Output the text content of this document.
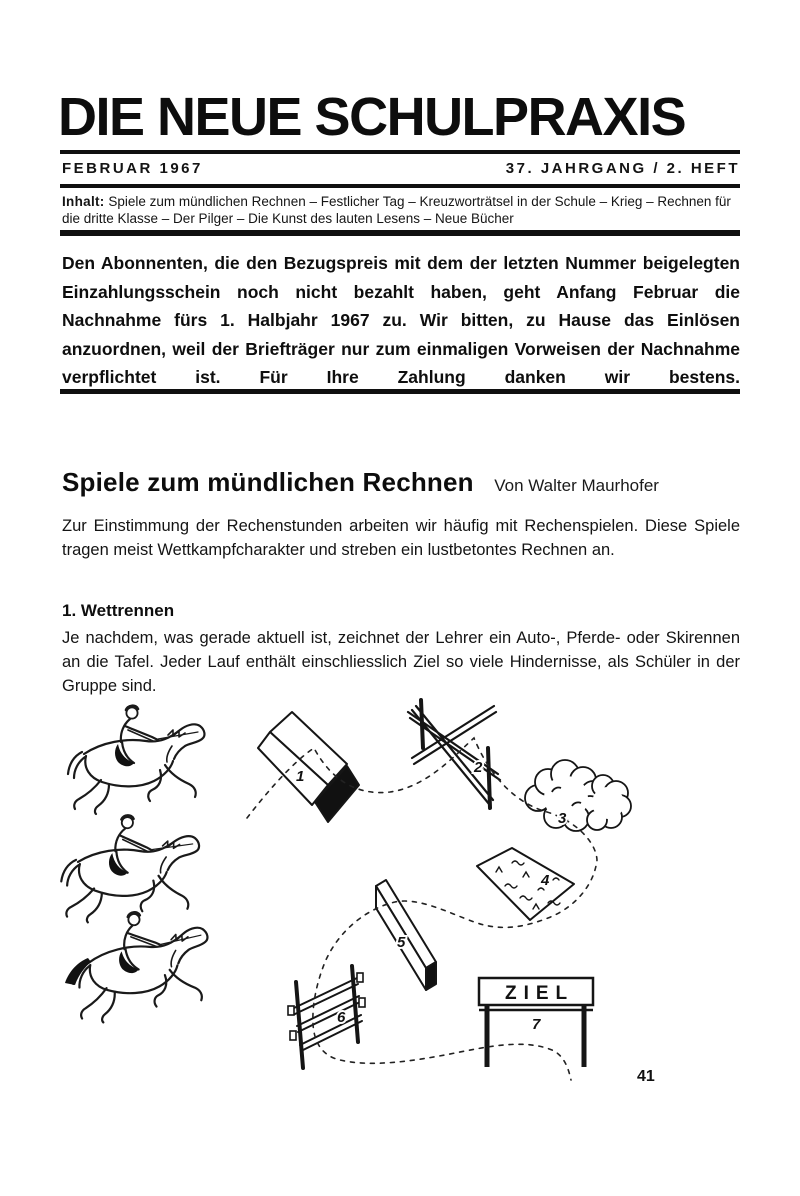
DIE NEUE SCHULPRAXIS
FEBRUAR 1967	37. JAHRGANG / 2. HEFT
Inhalt: Spiele zum mündlichen Rechnen – Festlicher Tag – Kreuzworträtsel in der Schule – Krieg – Rechnen für die dritte Klasse – Der Pilger – Die Kunst des lauten Lesens – Neue Bücher
Den Abonnenten, die den Bezugspreis mit dem der letzten Nummer beigelegten Einzahlungsschein noch nicht bezahlt haben, geht Anfang Februar die Nachnahme fürs 1. Halbjahr 1967 zu. Wir bitten, zu Hause das Einlösen anzuordnen, weil der Briefträger nur zum einmaligen Vorweisen der Nachnahme verpflichtet ist. Für Ihre Zahlung danken wir bestens.
Spiele zum mündlichen Rechnen Von Walter Maurhofer
Zur Einstimmung der Rechenstunden arbeiten wir häufig mit Rechenspielen. Diese Spiele tragen meist Wettkampfcharakter und streben ein lustbetontes Rechnen an.
1. Wettrennen
Je nachdem, was gerade aktuell ist, zeichnet der Lehrer ein Auto-, Pferde- oder Skirennen an die Tafel. Jeder Lauf enthält einschliesslich Ziel so viele Hindernisse, als Schüler in der Gruppe sind.
1
2
3
4
5
6	7
ZIEL
41
